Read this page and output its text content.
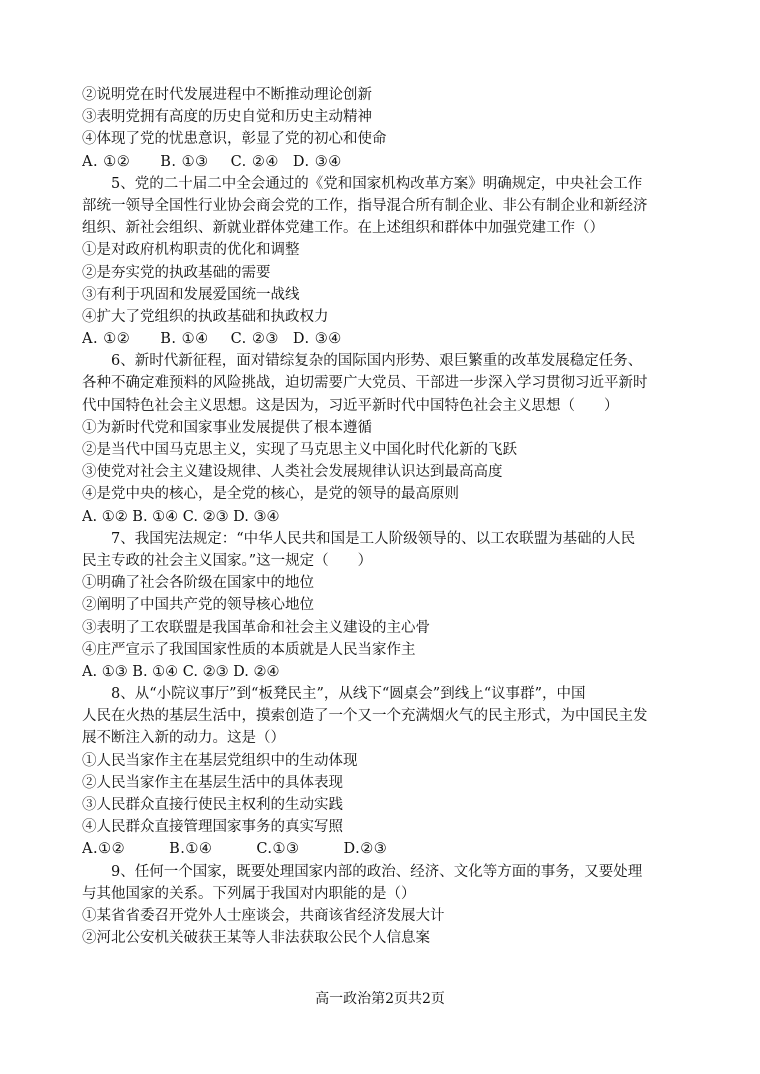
②说明党在时代发展进程中不断推动理论创新
③表明党拥有高度的历史自觉和历史主动精神
④体现了党的忧患意识，彰显了党的初心和使命
A. ①② B. ①③ C. ②④ D. ③④
5、党的二十届二中全会通过的《党和国家机构改革方案》明确规定，中央社会工作
部统一领导全国性行业协会商会党的工作，指导混合所有制企业、非公有制企业和新经济
组织、新社会组织、新就业群体党建工作。在上述组织和群体中加强党建工作（）
①是对政府机构职责的优化和调整
②是夯实党的执政基础的需要
③有利于巩固和发展爱国统一战线
④扩大了党组织的执政基础和执政权力
A. ①② B. ①④ C. ②③ D. ③④
6、新时代新征程，面对错综复杂的国际国内形势、艰巨繁重的改革发展稳定任务、
各种不确定难预料的风险挑战，迫切需要广大党员、干部进一步深入学习贯彻习近平新时
代中国特色社会主义思想。这是因为，习近平新时代中国特色社会主义思想（　　）
①为新时代党和国家事业发展提供了根本遵循
②是当代中国马克思主义，实现了马克思主义中国化时代化新的飞跃
③使党对社会主义建设规律、人类社会发展规律认识达到最高高度
④是党中央的核心，是全党的核心，是党的领导的最高原则
A. ①② B. ①④ C. ②③ D. ③④
7、我国宪法规定：“中华人民共和国是工人阶级领导的、以工农联盟为基础的人民
民主专政的社会主义国家。”这一规定（　　）
①明确了社会各阶级在国家中的地位
②阐明了中国共产党的领导核心地位
③表明了工农联盟是我国革命和社会主义建设的主心骨
④庄严宣示了我国国家性质的本质就是人民当家作主
A. ①③ B. ①④ C. ②③ D. ②④
8、从“小院议事厅”到“板凳民主”，从线下“圆桌会”到线上“议事群”，中国
人民在火热的基层生活中，摸索创造了一个又一个充满烟火气的民主形式，为中国民主发
展不断注入新的动力。这是（）
①人民当家作主在基层党组织中的生动体现
②人民当家作主在基层生活中的具体表现
③人民群众直接行使民主权利的生动实践
④人民群众直接管理国家事务的真实写照
A.①②	B.①④	C.①③	D.②③
9、任何一个国家，既要处理国家内部的政治、经济、文化等方面的事务，又要处理
与其他国家的关系。下列属于我国对内职能的是（）
①某省省委召开党外人士座谈会，共商该省经济发展大计
②河北公安机关破获王某等人非法获取公民个人信息案
高一政治第2页共2页
